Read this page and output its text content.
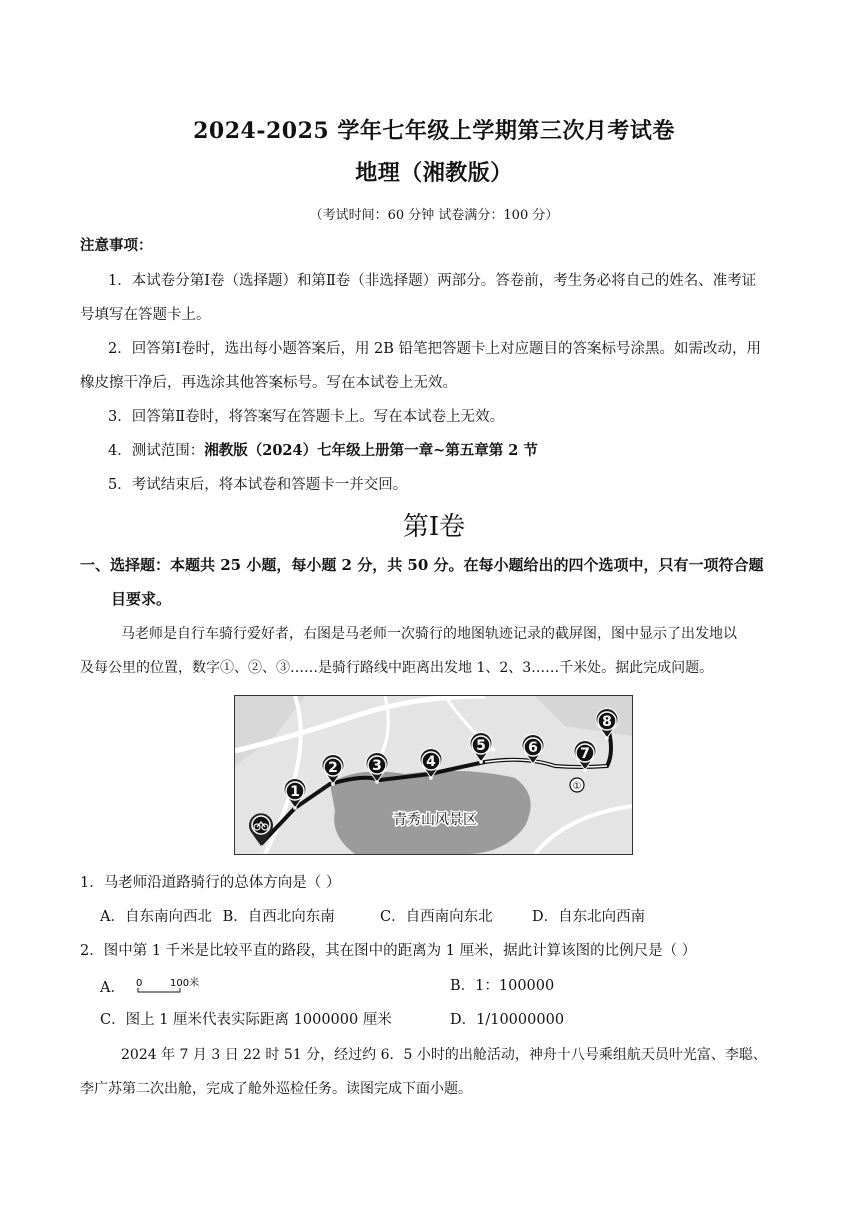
2024-2025 学年七年级上学期第三次月考试卷
地理（湘教版）
（考试时间：60 分钟 试卷满分：100 分）
注意事项：
1．本试卷分第Ⅰ卷（选择题）和第Ⅱ卷（非选择题）两部分。答卷前，考生务必将自己的姓名、准考证
号填写在答题卡上。
2．回答第Ⅰ卷时，选出每小题答案后，用 2B 铅笔把答题卡上对应题目的答案标号涂黑。如需改动，用
橡皮擦干净后，再选涂其他答案标号。写在本试卷上无效。
3．回答第Ⅱ卷时，将答案写在答题卡上。写在本试卷上无效。
4．测试范围：湘教版（2024）七年级上册第一章~第五章第 2 节
5．考试结束后，将本试卷和答题卡一并交回。
第Ⅰ卷
一、选择题：本题共 25 小题，每小题 2 分，共 50 分。在每小题给出的四个选项中，只有一项符合题
目要求。
马老师是自行车骑行爱好者，右图是马老师一次骑行的地图轨迹记录的截屏图，图中显示了出发地以
及每公里的位置，数字①、②、③……是骑行路线中距离出发地 1、2、3……千米处。据此完成问题。
①
青秀山风景区
1
2 3	4
5	6	7
8
1．马老师沿道路骑行的总体方向是（ ）
A．自东南向西北 B．自西北向东南	C．自西南向东北	D．自东北向西南
2．图中第 1 千米是比较平直的路段，其在图中的距离为 1 厘米，据此计算该图的比例尺是（ ）
A． 0	100米	B．1：100000
C．图上 1 厘米代表实际距离 1000000 厘米	D．1/10000000
2024 年 7 月 3 日 22 时 51 分，经过约 6．5 小时的出舱活动，神舟十八号乘组航天员叶光富、李聪、
李广苏第二次出舱，完成了舱外巡检任务。读图完成下面小题。
